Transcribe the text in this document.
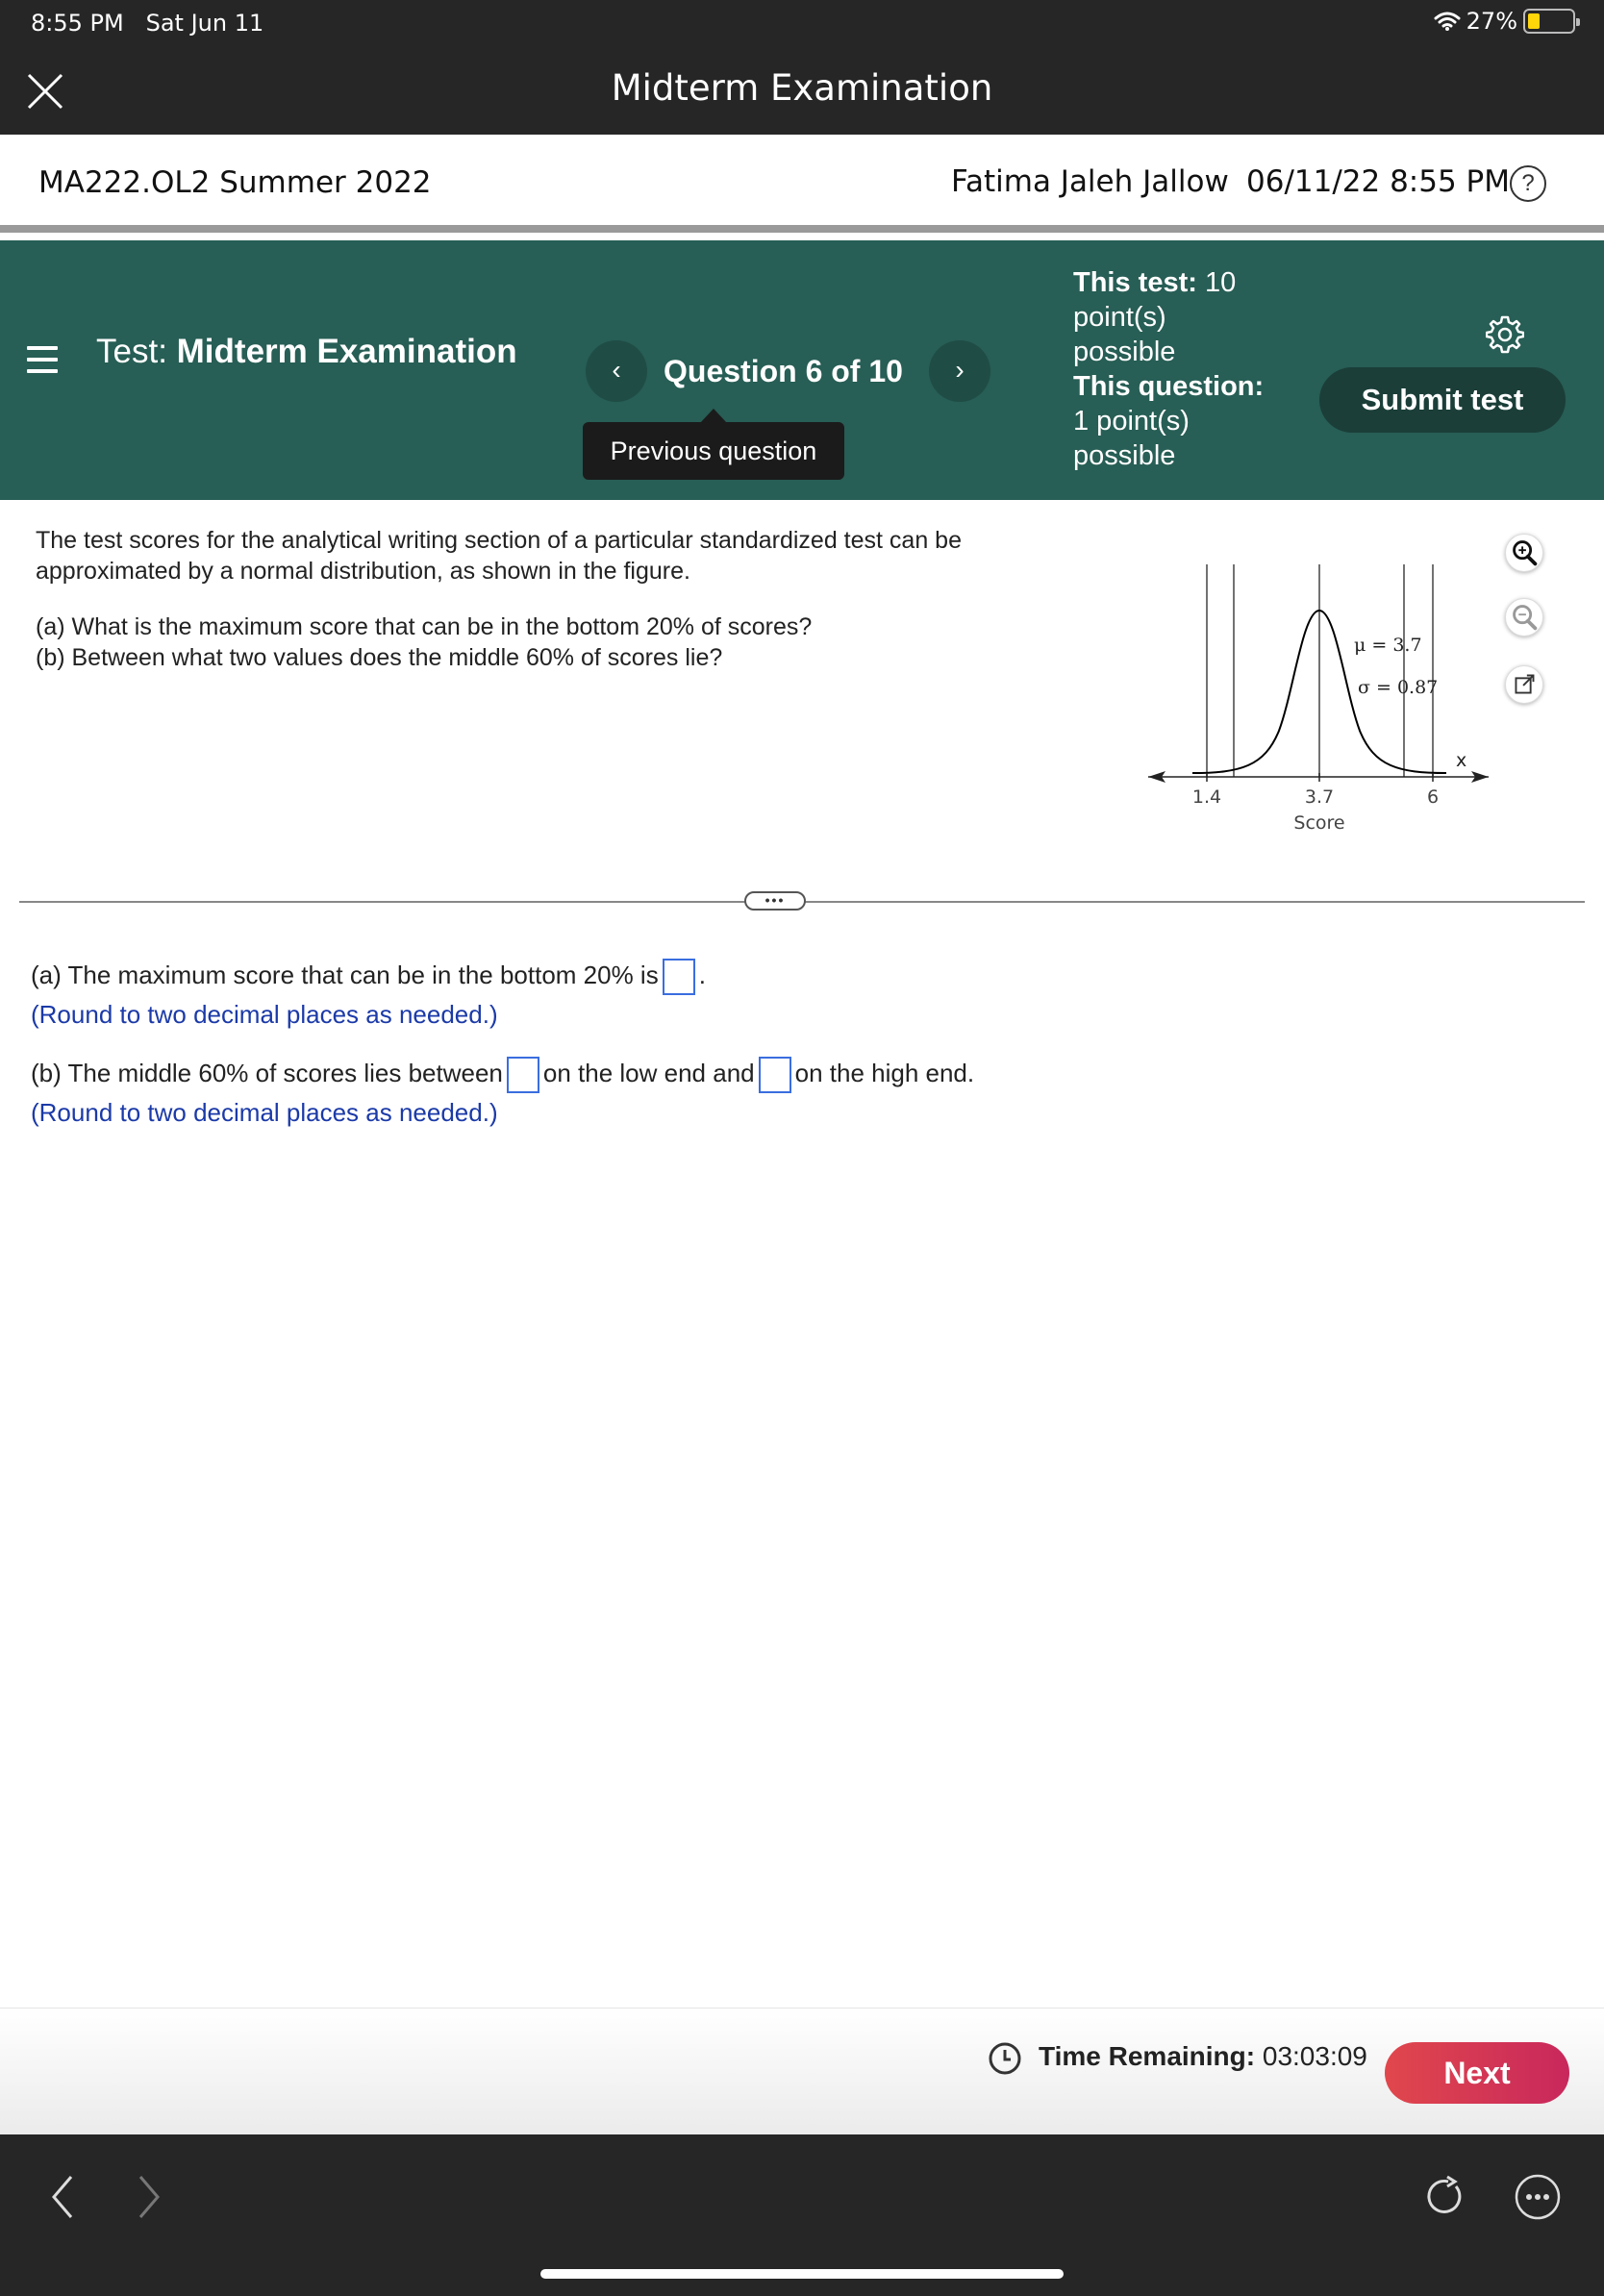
8:55 PM Sat Jun 11	27%
Midterm Examination
MA222.OL2 Summer 2022	Fatima Jaleh Jallow 06/11/22 8:55 PM ?
Test: Midterm Examination	‹	Question 6 of 10	›
Previous question
This test: 10 point(s) possible
This question:
1 point(s) possible
Submit test
The test scores for the analytical writing section of a particular standardized test can be approximated by a normal distribution, as shown in the figure.
(a) What is the maximum score that can be in the bottom 20% of scores?
(b) Between what two values does the middle 60% of scores lie?	μ = 3.7
σ = 0.87
x
1.4	3.7	6
Score
•••
(a) The maximum score that can be in the bottom 20% is .
(Round to two decimal places as needed.)
(b) The middle 60% of scores lies between on the low end and on the high end.
(Round to two decimal places as needed.)
Time Remaining: 03:03:09	Next
